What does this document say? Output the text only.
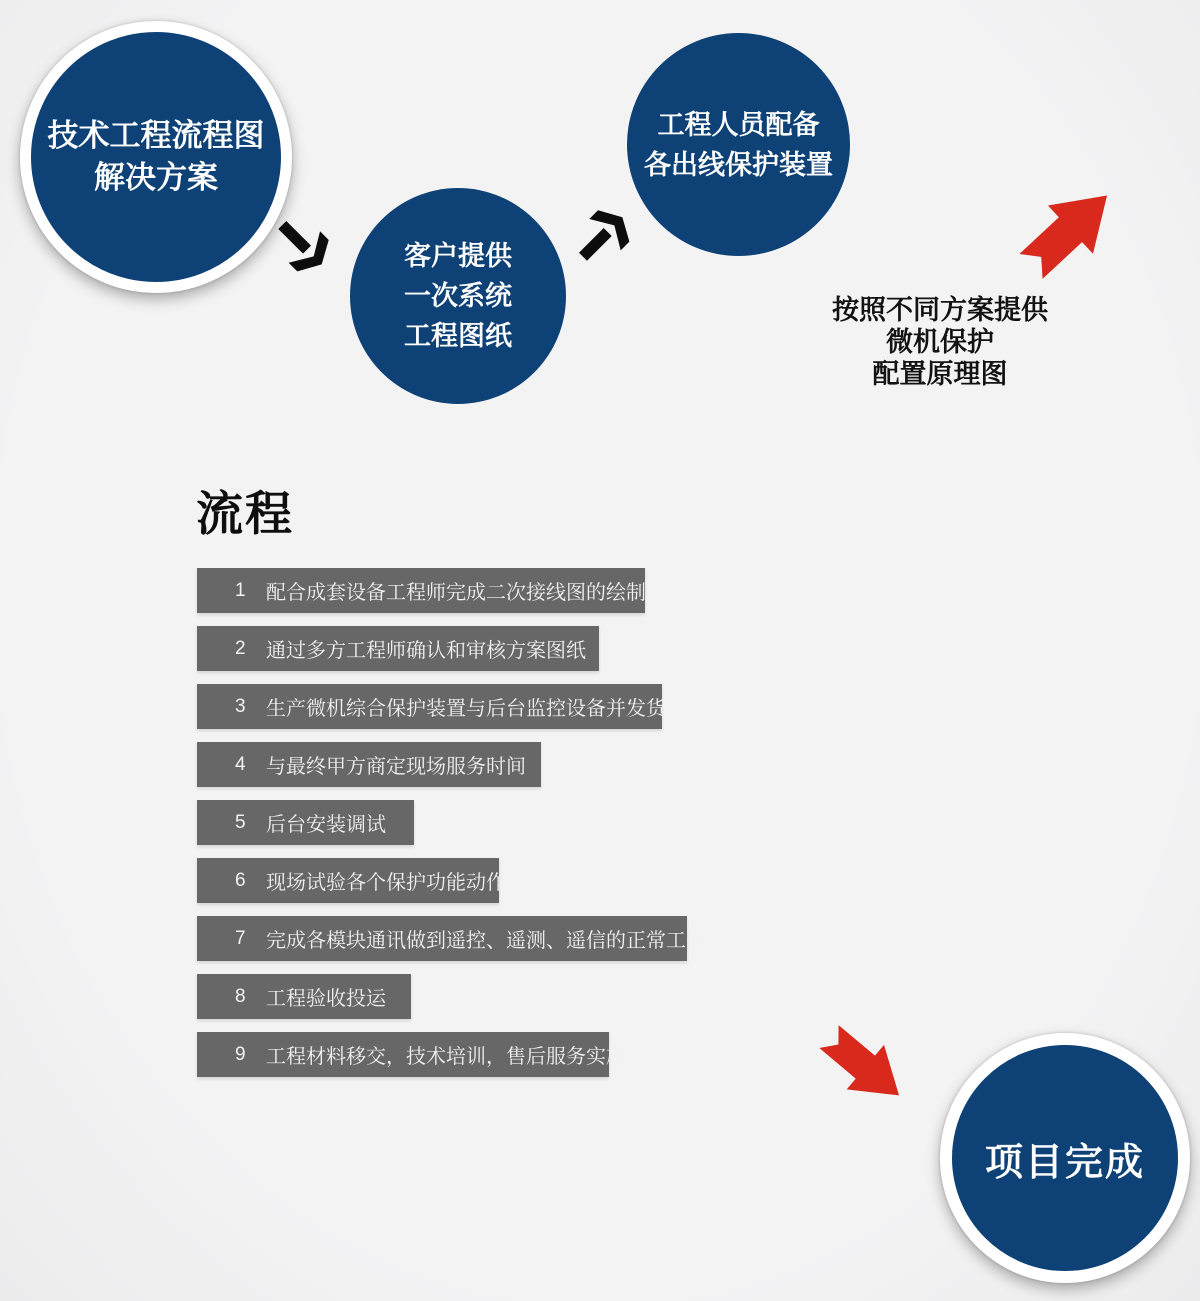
技术工程流程图
解决方案
客户提供
一次系统
工程图纸
工程人员配备
各出线保护装置
按照不同方案提供
微机保护
配置原理图
流程
1 配合成套设备工程师完成二次接线图的绘制
2 通过多方工程师确认和审核方案图纸
3 生产微机综合保护装置与后台监控设备并发货
4 与最终甲方商定现场服务时间
5 后台安装调试
6 现场试验各个保护功能动作
7 完成各模块通讯做到遥控、遥测、遥信的正常工作
8 工程验收投运
9 工程材料移交，技术培训，售后服务实施
项目完成
